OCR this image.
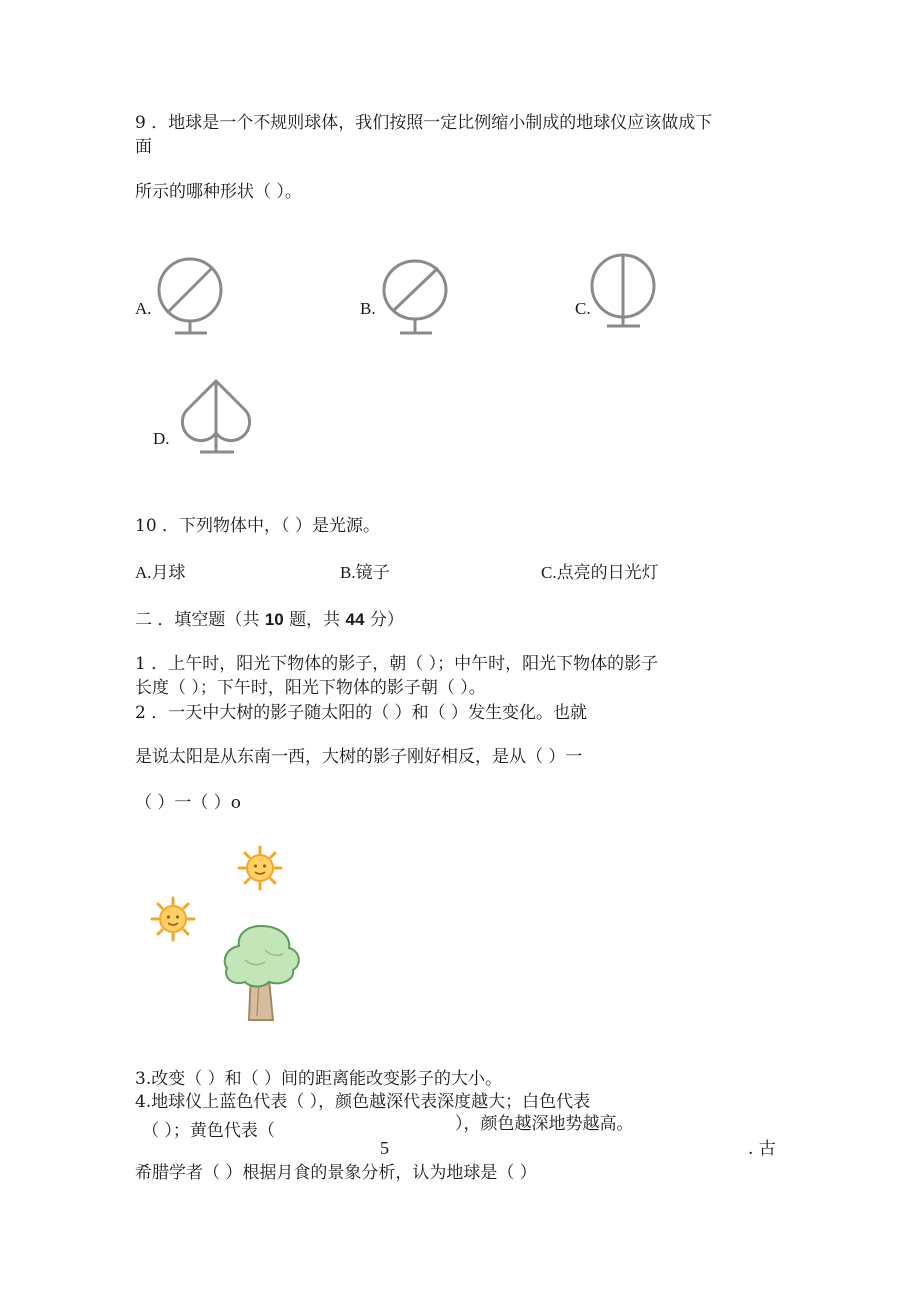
9 ．地球是一个不规则球体，我们按照一定比例缩小制成的地球仪应该做成下

面

所示的哪种形状（ ）。

A.	B.	C.

D.

10 ．下列物体中，（ ）是光源。

A.月球	B.镜子	C.点亮的日光灯

二 ．填空题（共 10 题，共 44 分）

1 ．上午时，阳光下物体的影子，朝（ ）；中午时，阳光下物体的影子

长度（ ）；下午时，阳光下物体的影子朝（ ）。

2 ．一天中大树的影子随太阳的（ ）和（ ）发生变化。也就

是说太阳是从东南一西，大树的影子刚好相反，是从（ ）一

（ ）一（ ）o

3.改变（ ）和（ ）间的距离能改变影子的大小。

4.地球仪上蓝色代表（ ），颜色越深代表深度越大；白色代表

（ ）；黄色代表（	），颜色越深地势越高。

5	. 古

希腊学者（ ）根据月食的景象分析，认为地球是（ ）
